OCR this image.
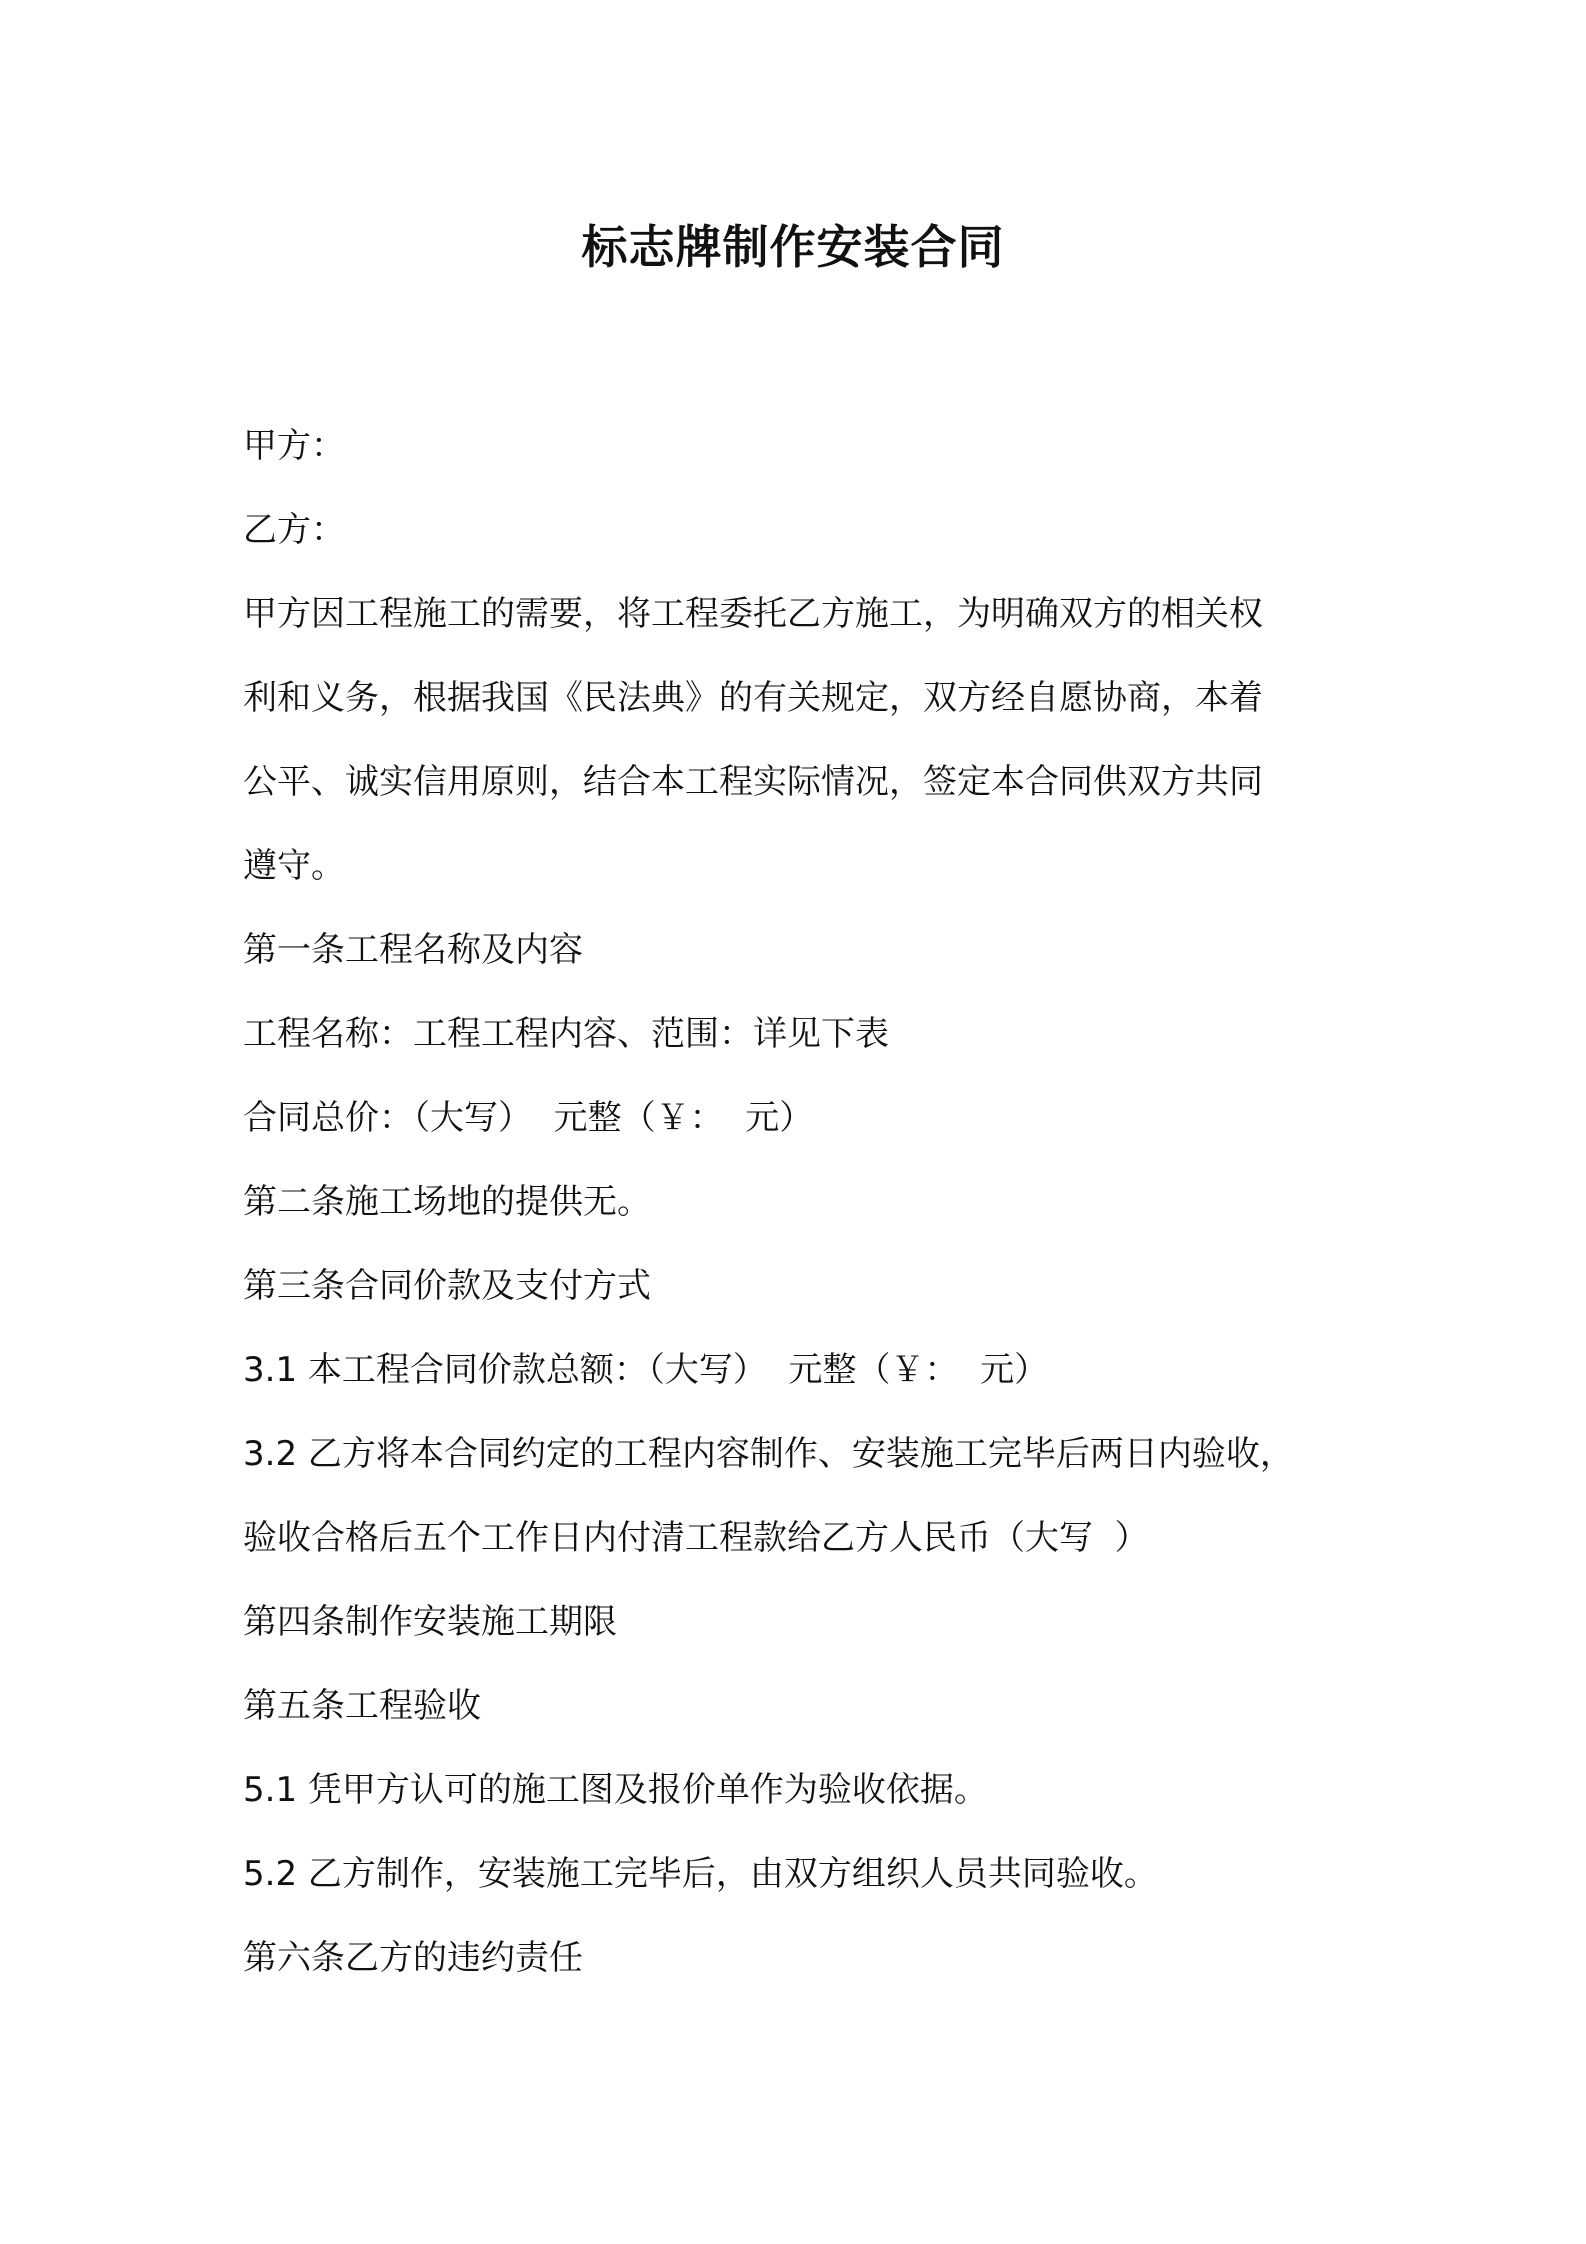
标志牌制作安装合同
甲方：
乙方：
甲方因工程施工的需要，将工程委托乙方施工，为明确双方的相关权
利和义务，根据我国《民法典》的有关规定，双方经自愿协商，本着
公平、诚实信用原则，结合本工程实际情况，签定本合同供双方共同
遵守。
第一条工程名称及内容
工程名称：工程工程内容、范围：详见下表
合同总价：（大写）  元整（￥：  元）
第二条施工场地的提供无。
第三条合同价款及支付方式
3.1 本工程合同价款总额：（大写）  元整（￥：  元）
3.2 乙方将本合同约定的工程内容制作、安装施工完毕后两日内验收，
验收合格后五个工作日内付清工程款给乙方人民币（大写  ）
第四条制作安装施工期限
第五条工程验收
5.1 凭甲方认可的施工图及报价单作为验收依据。
5.2 乙方制作，安装施工完毕后，由双方组织人员共同验收。
第六条乙方的违约责任
